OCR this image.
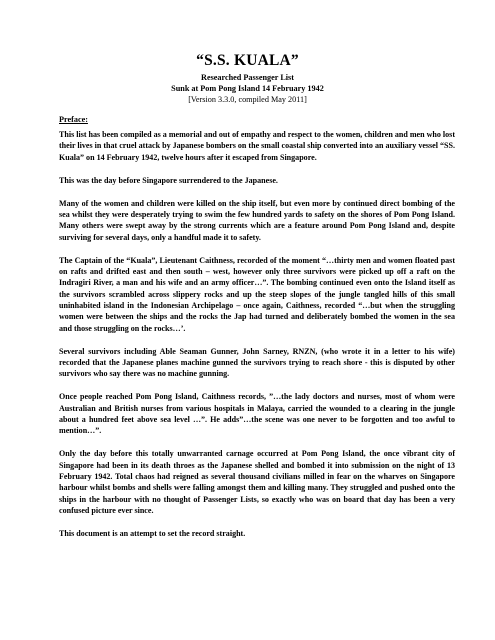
“S.S. KUALA”
Researched Passenger List
Sunk at Pom Pong Island 14 February 1942
[Version 3.3.0, compiled May 2011]
Preface:

This list has been compiled as a memorial and out of empathy and respect to the women, children and men who lost their lives in that cruel attack by Japanese bombers on the small coastal ship converted into an auxiliary vessel “SS. Kuala” on 14 February 1942, twelve hours after it escaped from Singapore.

This was the day before Singapore surrendered to the Japanese.

Many of the women and children were killed on the ship itself, but even more by continued direct bombing of the sea whilst they were desperately trying to swim the few hundred yards to safety on the shores of Pom Pong Island. Many others were swept away by the strong currents which are a feature around Pom Pong Island and, despite surviving for several days, only a handful made it to safety.

The Captain of the “Kuala”, Lieutenant Caithness, recorded of the moment “…thirty men and women floated past on rafts and drifted east and then south – west, however only three survivors were picked up off a raft on the Indragiri River, a man and his wife and an army officer…”. The bombing continued even onto the Island itself as the survivors scrambled across slippery rocks and up the steep slopes of the jungle tangled hills of this small uninhabited island in the Indonesian Archipelago – once again, Caithness, recorded “…but when the struggling women were between the ships and the rocks the Jap had turned and deliberately bombed the women in the sea and those struggling on the rocks…’.

Several survivors including Able Seaman Gunner, John Sarney, RNZN, (who wrote it in a letter to his wife) recorded that the Japanese planes machine gunned the survivors trying to reach shore - this is disputed by other survivors who say there was no machine gunning.

Once people reached Pom Pong Island, Caithness records, ”…the lady doctors and nurses, most of whom were Australian and British nurses from various hospitals in Malaya, carried the wounded to a clearing in the jungle about a hundred feet above sea level …”. He adds”…the scene was one never to be forgotten and too awful to mention…”.

Only the day before this totally unwarranted carnage occurred at Pom Pong Island, the once vibrant city of Singapore had been in its death throes as the Japanese shelled and bombed it into submission on the night of 13 February 1942. Total chaos had reigned as several thousand civilians milled in fear on the wharves on Singapore harbour whilst bombs and shells were falling amongst them and killing many. They struggled and pushed onto the ships in the harbour with no thought of Passenger Lists, so exactly who was on board that day has been a very confused picture ever since.

This document is an attempt to set the record straight.
